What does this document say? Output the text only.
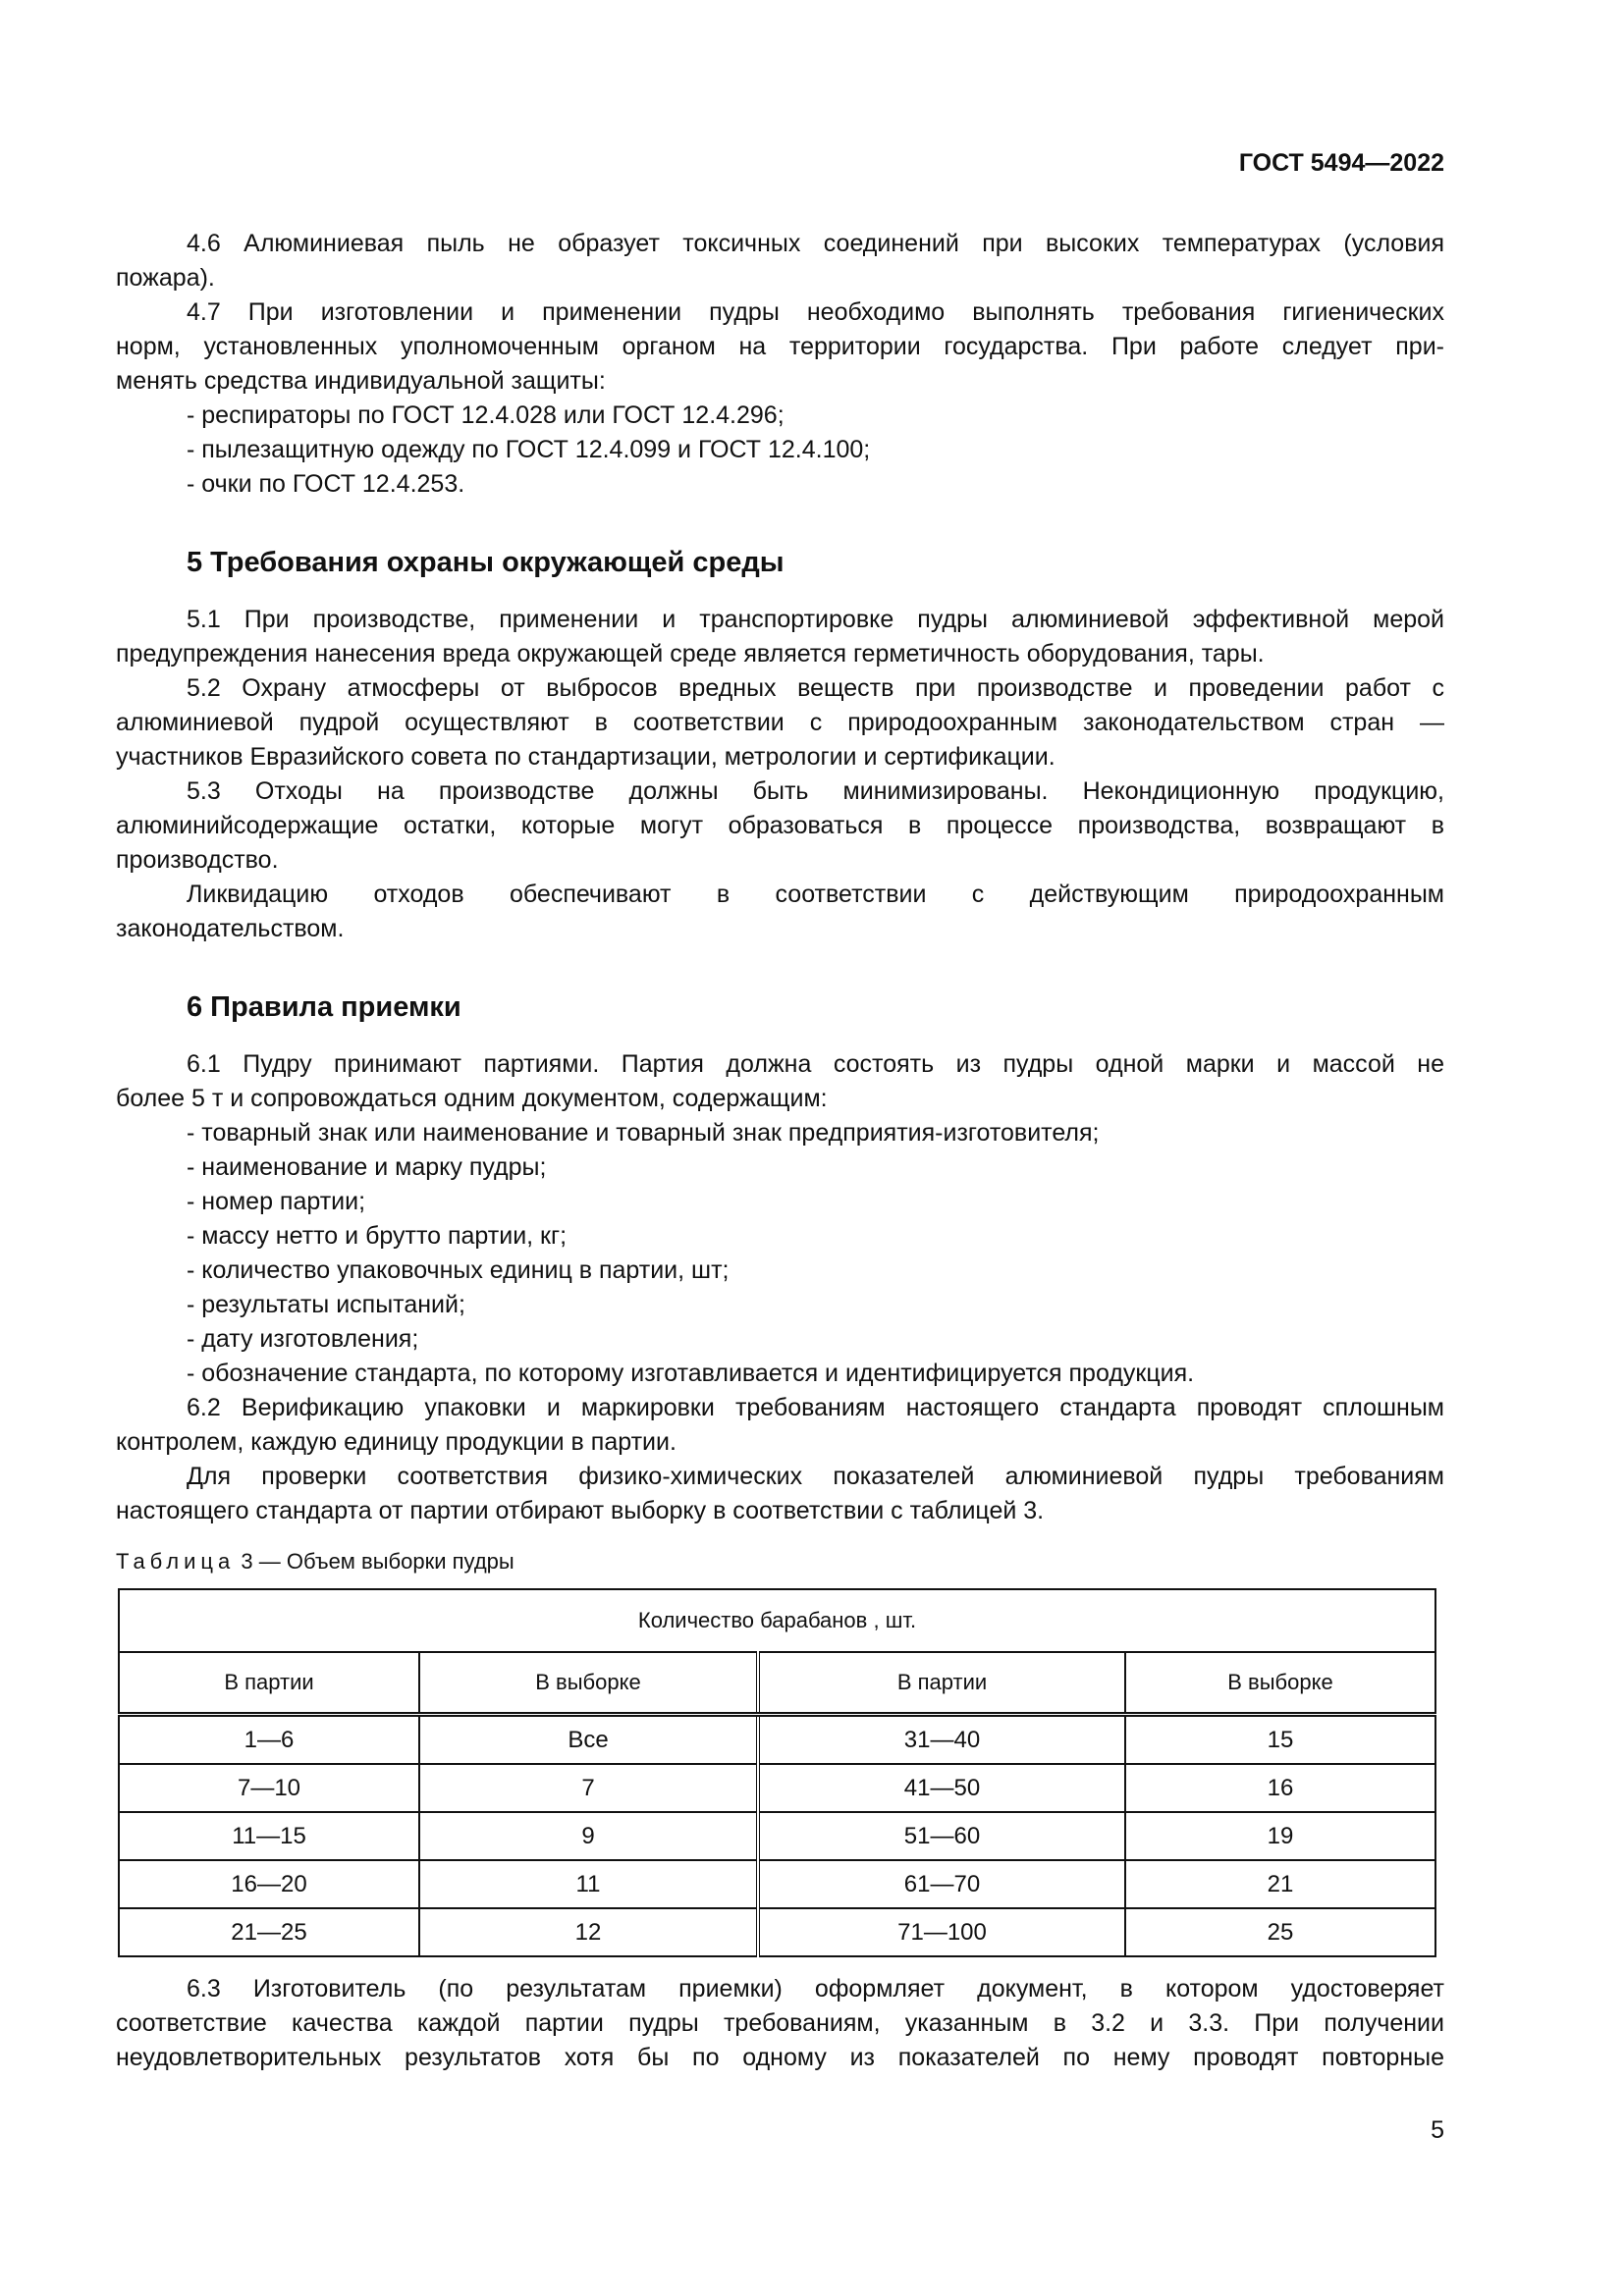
ГОСТ 5494—2022
4.6 Алюминиевая пыль не образует токсичных соединений при высоких температурах (условия
пожара).
4.7 При изготовлении и применении пудры необходимо выполнять требования гигиенических
норм, установленных уполномоченным органом на территории государства. При работе следует при-
менять средства индивидуальной защиты:
- респираторы по ГОСТ 12.4.028 или ГОСТ 12.4.296;
- пылезащитную одежду по ГОСТ 12.4.099 и ГОСТ 12.4.100;
- очки по ГОСТ 12.4.253.
5 Требования охраны окружающей среды
5.1 При производстве, применении и транспортировке пудры алюминиевой эффективной мерой
предупреждения нанесения вреда окружающей среде является герметичность оборудования, тары.
5.2 Охрану атмосферы от выбросов вредных веществ при производстве и проведении работ с
алюминиевой пудрой осуществляют в соответствии с природоохранным законодательством стран —
участников Евразийского совета по стандартизации, метрологии и сертификации.
5.3 Отходы на производстве должны быть минимизированы. Некондиционную продукцию,
алюминийсодержащие остатки, которые могут образоваться в процессе производства, возвращают в
производство.
Ликвидацию отходов обеспечивают в соответствии с действующим природоохранным
законодательством.
6 Правила приемки
6.1 Пудру принимают партиями. Партия должна состоять из пудры одной марки и массой не
более 5 т и сопровождаться одним документом, содержащим:
- товарный знак или наименование и товарный знак предприятия-изготовителя;
- наименование и марку пудры;
- номер партии;
- массу нетто и брутто партии, кг;
- количество упаковочных единиц в партии, шт;
- результаты испытаний;
- дату изготовления;
- обозначение стандарта, по которому изготавливается и идентифицируется продукция.
6.2 Верификацию упаковки и маркировки требованиям настоящего стандарта проводят сплошным
контролем, каждую единицу продукции в партии.
Для проверки соответствия физико-химических показателей алюминиевой пудры требованиям
настоящего стандарта от партии отбирают выборку в соответствии с таблицей 3.
Таблица 3 — Объем выборки пудры
Количество барабанов , шт.			
В партии	В выборке	В партии	В выборке
1—6	Все	31—40	15
7—10	7	41—50	16
11—15	9	51—60	19
16—20	11	61—70	21
21—25	12	71—100	25
6.3 Изготовитель (по результатам приемки) оформляет документ, в котором удостоверяет
соответствие качества каждой партии пудры требованиям, указанным в 3.2 и 3.3. При получении
неудовлетворительных результатов хотя бы по одному из показателей по нему проводят повторные
5
